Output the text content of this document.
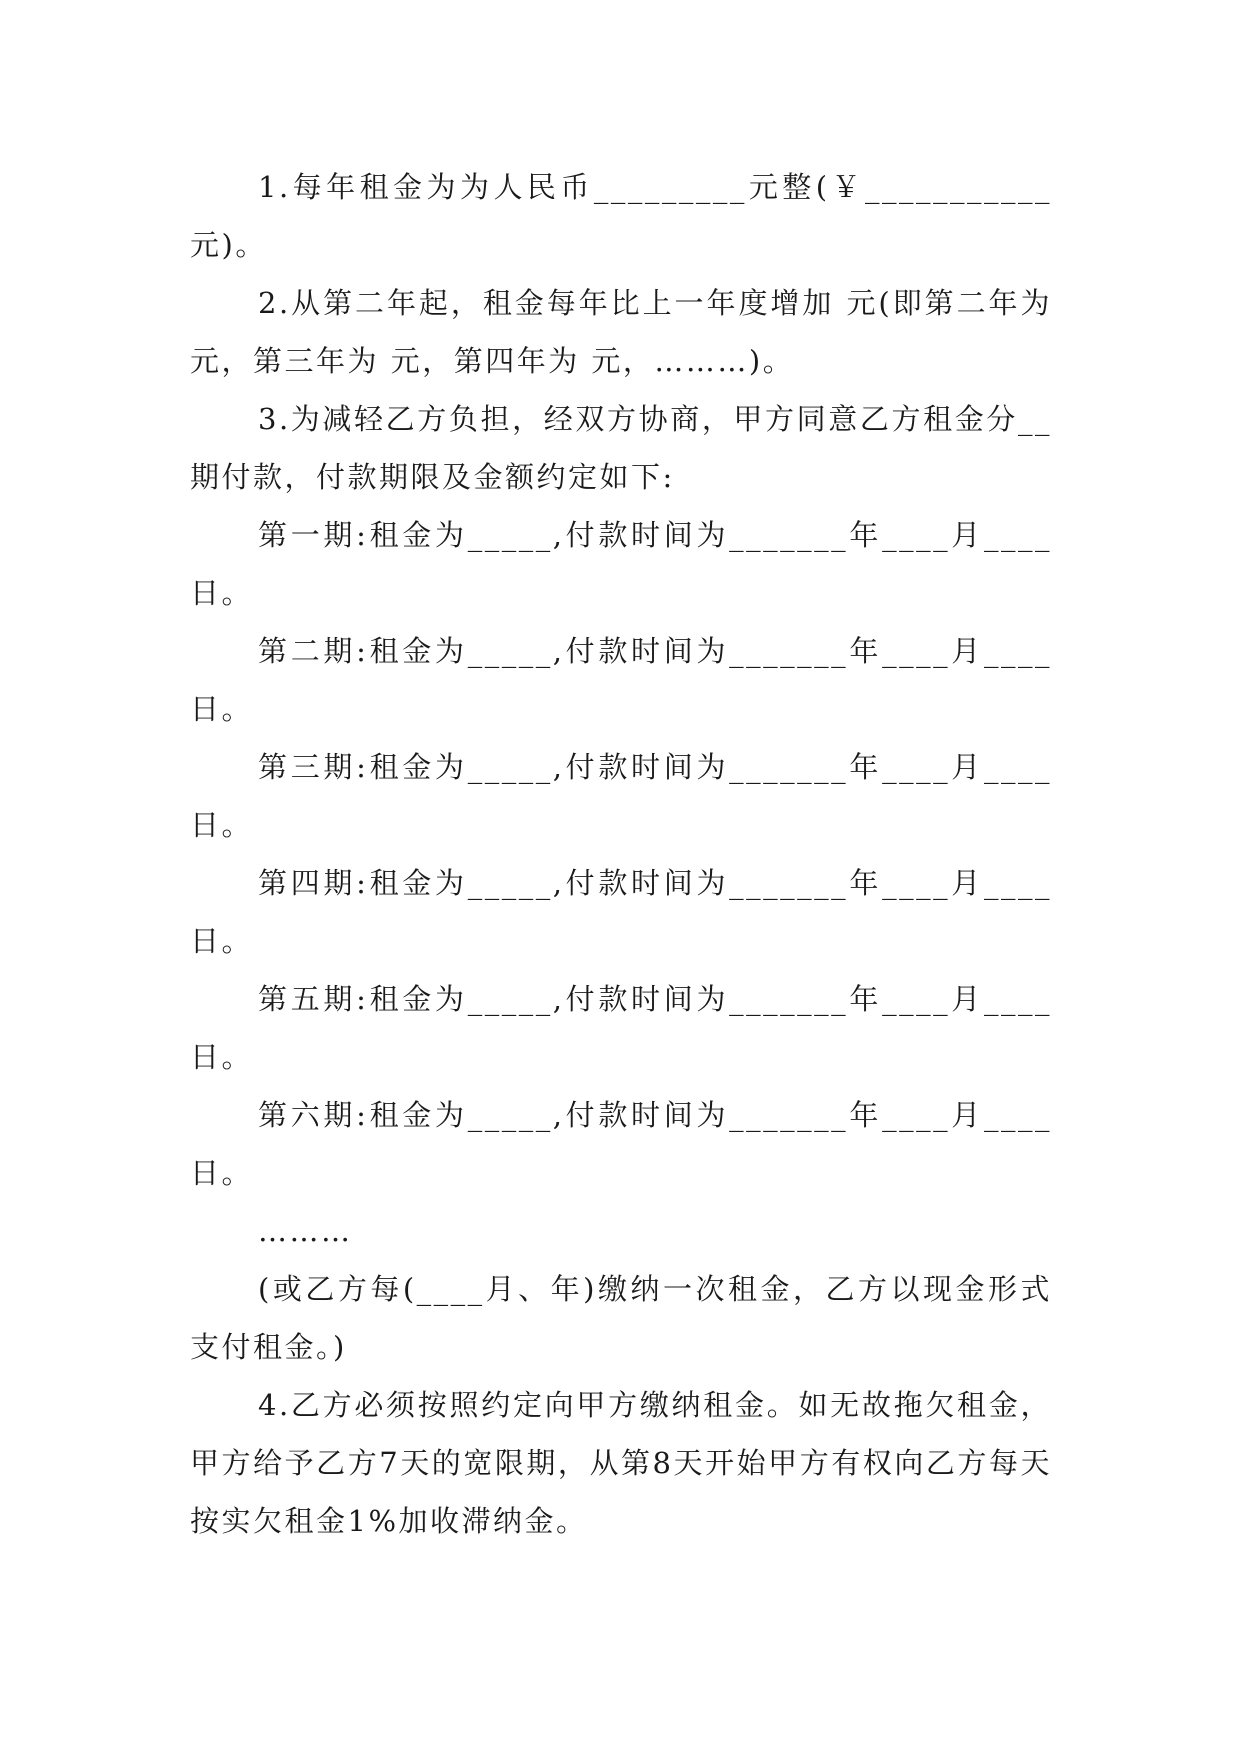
1.每年租金为为人民币_________元整(￥___________元)。

2.从第二年起，租金每年比上一年度增加 元(即第二年为 元，第三年为 元，第四年为 元，………)。

3.为减轻乙方负担，经双方协商，甲方同意乙方租金分__期付款，付款期限及金额约定如下:

第一期:租金为_____,付款时间为_______年____月____日。

第二期:租金为_____,付款时间为_______年____月____日。

第三期:租金为_____,付款时间为_______年____月____日。

第四期:租金为_____,付款时间为_______年____月____日。

第五期:租金为_____,付款时间为_______年____月____日。

第六期:租金为_____,付款时间为_______年____月____日。

………

(或乙方每(____月、年)缴纳一次租金，乙方以现金形式支付租金。)

4.乙方必须按照约定向甲方缴纳租金。如无故拖欠租金，甲方给予乙方7天的宽限期，从第8天开始甲方有权向乙方每天按实欠租金1%加收滞纳金。
